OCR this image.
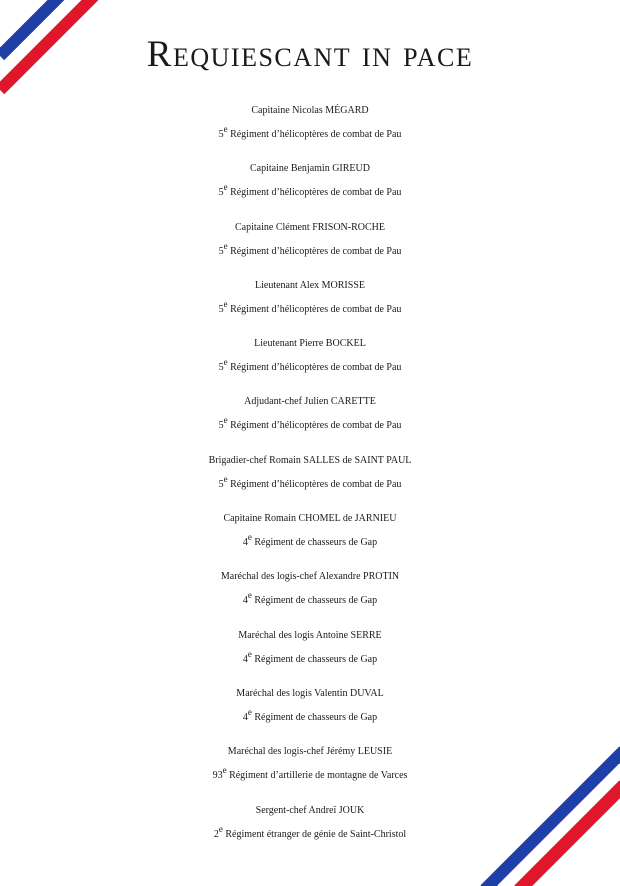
Requiescant in pace
Capitaine Nicolas MÉGARD
5e Régiment d’hélicoptères de combat de Pau
Capitaine Benjamin GIREUD
5e Régiment d’hélicoptères de combat de Pau
Capitaine Clément FRISON-ROCHE
5e Régiment d’hélicoptères de combat de Pau
Lieutenant Alex MORISSE
5e Régiment d’hélicoptères de combat de Pau
Lieutenant Pierre BOCKEL
5e Régiment d’hélicoptères de combat de Pau
Adjudant-chef Julien CARETTE
5e Régiment d’hélicoptères de combat de Pau
Brigadier-chef Romain SALLES de SAINT PAUL
5e Régiment d’hélicoptères de combat de Pau
Capitaine Romain CHOMEL de JARNIEU
4e Régiment de chasseurs de Gap
Maréchal des logis-chef Alexandre PROTIN
4e Régiment de chasseurs de Gap
Maréchal des logis Antoine SERRE
4e Régiment de chasseurs de Gap
Maréchal des logis Valentin DUVAL
4e Régiment de chasseurs de Gap
Maréchal des logis-chef Jérémy LEUSIE
93e Régiment d’artillerie de montagne de Varces
Sergent-chef Andreï JOUK
2e Régiment étranger de génie de Saint-Christol
